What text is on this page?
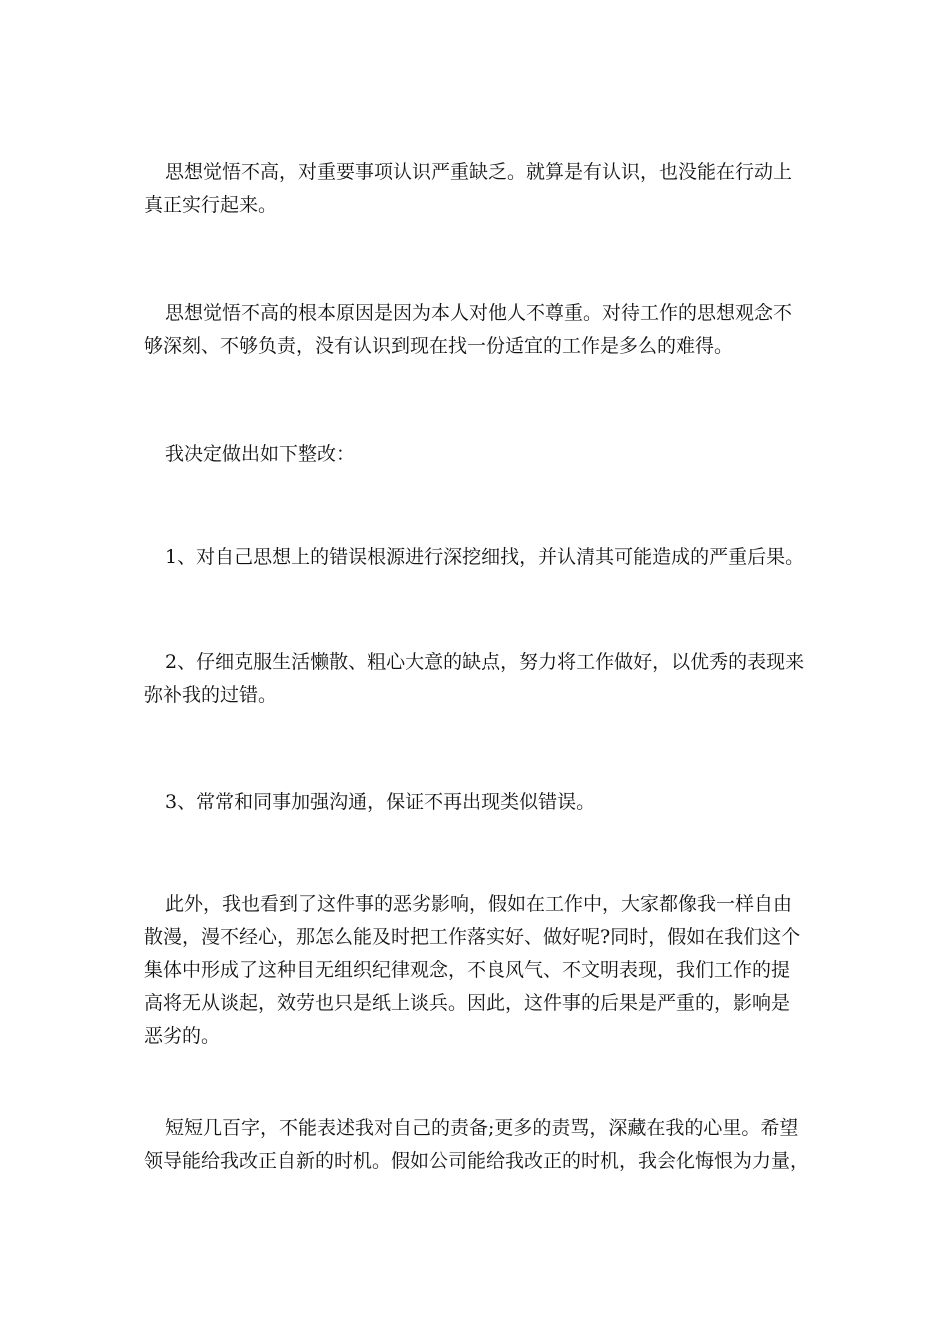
思想觉悟不高，对重要事项认识严重缺乏。就算是有认识，也没能在行动上
真正实行起来。

思想觉悟不高的根本原因是因为本人对他人不尊重。对待工作的思想观念不
够深刻、不够负责，没有认识到现在找一份适宜的工作是多么的难得。

我决定做出如下整改：

1、对自己思想上的错误根源进行深挖细找，并认清其可能造成的严重后果。

2、仔细克服生活懒散、粗心大意的缺点，努力将工作做好，以优秀的表现来
弥补我的过错。

3、常常和同事加强沟通，保证不再出现类似错误。

此外，我也看到了这件事的恶劣影响，假如在工作中，大家都像我一样自由
散漫，漫不经心，那怎么能及时把工作落实好、做好呢?同时，假如在我们这个
集体中形成了这种目无组织纪律观念，不良风气、不文明表现，我们工作的提
高将无从谈起，效劳也只是纸上谈兵。因此，这件事的后果是严重的，影响是
恶劣的。

短短几百字，不能表述我对自己的责备;更多的责骂，深藏在我的心里。希望
领导能给我改正自新的时机。假如公司能给我改正的时机，我会化悔恨为力量，
